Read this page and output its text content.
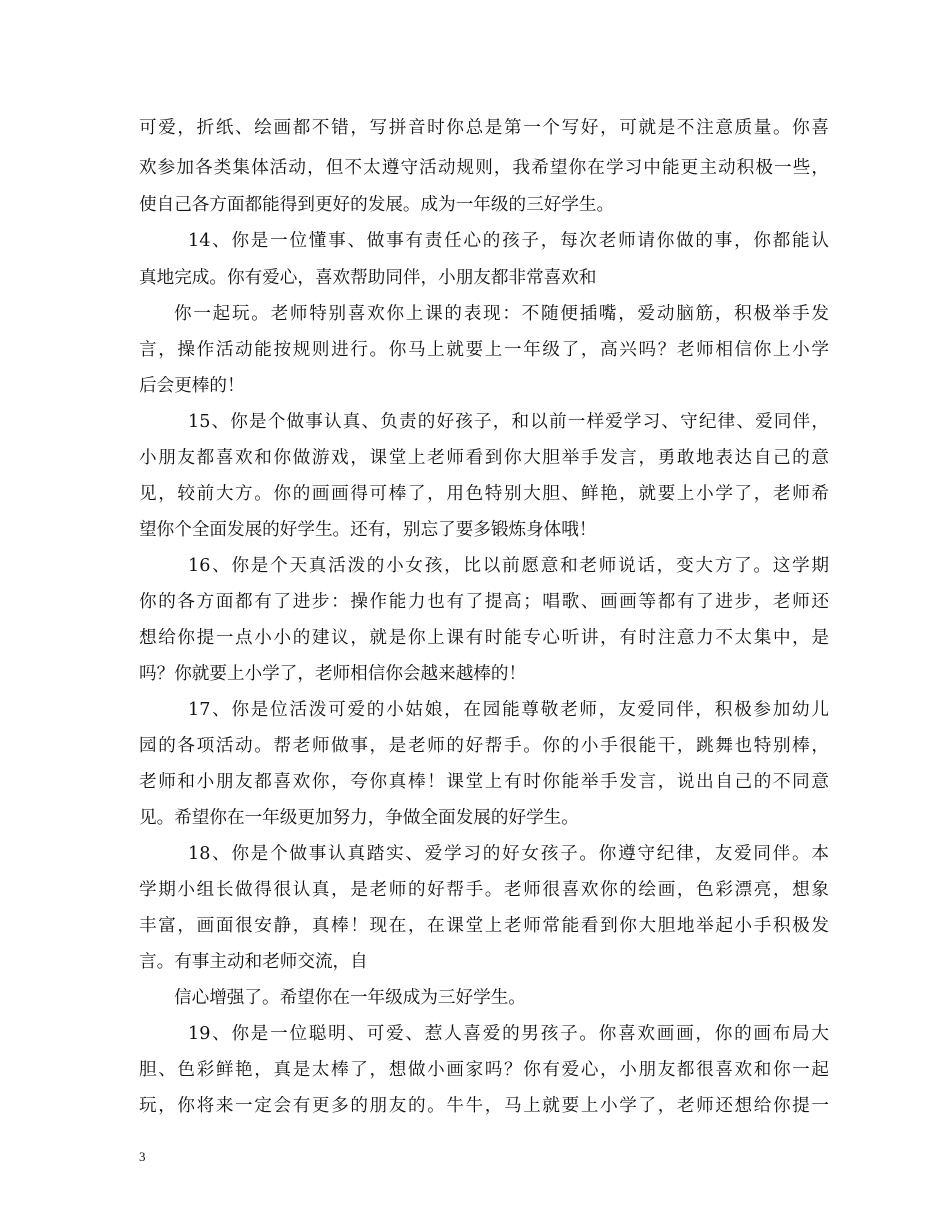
可爱，折纸、绘画都不错，写拼音时你总是第一个写好，可就是不注意质量。你喜
欢参加各类集体活动，但不太遵守活动规则，我希望你在学习中能更主动积极一些，
使自己各方面都能得到更好的发展。成为一年级的三好学生。
14、你是一位懂事、做事有责任心的孩子，每次老师请你做的事，你都能认
真地完成。你有爱心，喜欢帮助同伴，小朋友都非常喜欢和
你一起玩。老师特别喜欢你上课的表现：不随便插嘴，爱动脑筋，积极举手发
言，操作活动能按规则进行。你马上就要上一年级了，高兴吗？老师相信你上小学
后会更棒的！
15、你是个做事认真、负责的好孩子，和以前一样爱学习、守纪律、爱同伴，
小朋友都喜欢和你做游戏，课堂上老师看到你大胆举手发言，勇敢地表达自己的意
见，较前大方。你的画画得可棒了，用色特别大胆、鲜艳，就要上小学了，老师希
望你个全面发展的好学生。还有，别忘了要多锻炼身体哦！
16、你是个天真活泼的小女孩，比以前愿意和老师说话，变大方了。这学期
你的各方面都有了进步：操作能力也有了提高；唱歌、画画等都有了进步，老师还
想给你提一点小小的建议，就是你上课有时能专心听讲，有时注意力不太集中，是
吗？你就要上小学了，老师相信你会越来越棒的！
17、你是位活泼可爱的小姑娘，在园能尊敬老师，友爱同伴，积极参加幼儿
园的各项活动。帮老师做事，是老师的好帮手。你的小手很能干，跳舞也特别棒，
老师和小朋友都喜欢你，夸你真棒！课堂上有时你能举手发言，说出自己的不同意
见。希望你在一年级更加努力，争做全面发展的好学生。
18、你是个做事认真踏实、爱学习的好女孩子。你遵守纪律，友爱同伴。本
学期小组长做得很认真，是老师的好帮手。老师很喜欢你的绘画，色彩漂亮，想象
丰富，画面很安静，真棒！现在，在课堂上老师常能看到你大胆地举起小手积极发
言。有事主动和老师交流，自
信心增强了。希望你在一年级成为三好学生。
19、你是一位聪明、可爱、惹人喜爱的男孩子。你喜欢画画，你的画布局大
胆、色彩鲜艳，真是太棒了，想做小画家吗？你有爱心，小朋友都很喜欢和你一起
玩，你将来一定会有更多的朋友的。牛牛，马上就要上小学了，老师还想给你提一
3
